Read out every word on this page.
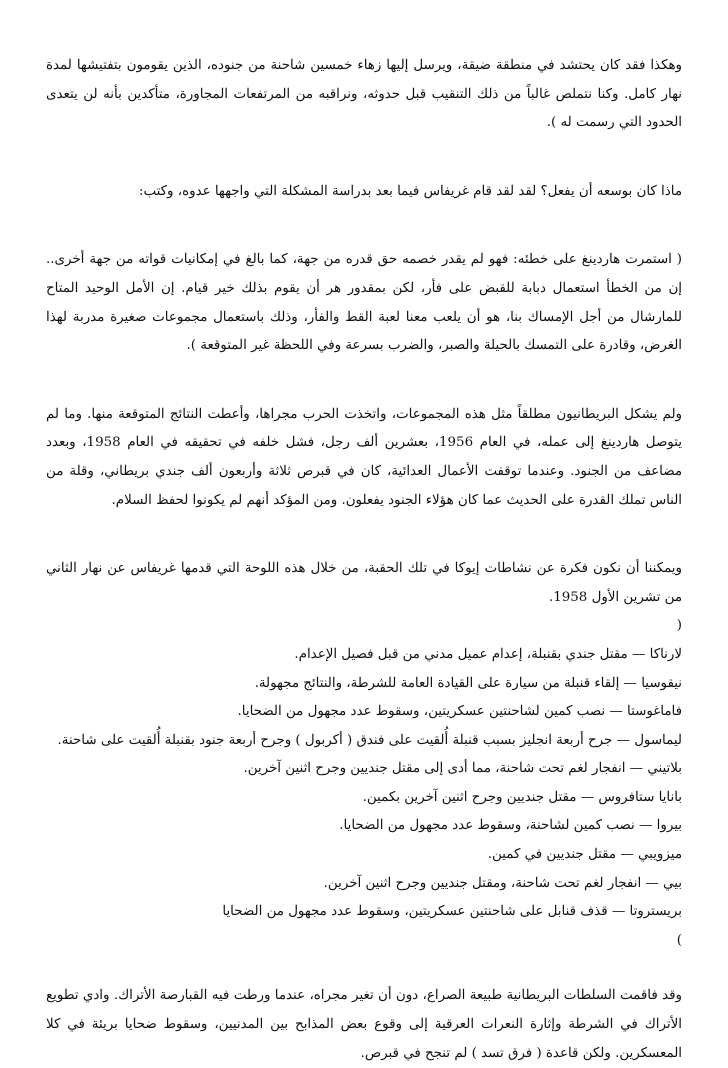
وهكذا فقد كان يحتشد في منطقة ضيقة، ويرسل إليها زهاء خمسين شاحنة من جنوده، الذين يقومون بتفتيشها لمدة نهار كامل. وكنا نتملص غالباً من ذلك التنقيب قبل حدوثه، ونراقبه من المرتفعات المجاورة، متأكدين بأنه لن يتعدى الحدود التي رسمت له ).

ماذا كان بوسعه أن يفعل؟ لقد لقد قام غريفاس فيما بعد بدراسة المشكلة التي واجهها عدوه، وكتب:

( استمرت هاردينغ على خطئه: فهو لم يقدر خصمه حق قدره من جهة، كما بالغ في إمكانيات قواته من جهة أخرى.. إن من الخطأ استعمال دبابة للقبض على فأر، لكن بمقدور هر أن يقوم بذلك خير قيام. إن الأمل الوحيد المتاح للمارشال من أجل الإمساك بنا، هو أن يلعب معنا لعبة القط والفأر، وذلك باستعمال مجموعات صغيرة مدربة لهذا الغرض، وقادرة على التمسك بالحيلة والصبر، والضرب بسرعة وفي اللحظة غير المتوقعة ).

ولم يشكل البريطانيون مطلقاً مثل هذه المجموعات، واتخذت الحرب مجراها، وأعطت النتائج المتوقعة منها. وما لم يتوصل هاردينغ إلى عمله، في العام 1956، بعشرين ألف رجل، فشل خلفه في تحقيقه في العام 1958، وبعدد مضاعف من الجنود. وعندما توقفت الأعمال العدائية، كان في قبرص ثلاثة وأربعون ألف جندي بريطاني، وقلة من الناس تملك القدرة على الحديث عما كان هؤلاء الجنود يفعلون. ومن المؤكد أنهم لم يكونوا لحفظ السلام.

ويمكننا أن نكون فكرة عن نشاطات إيوكا في تلك الحقبة، من خلال هذه اللوحة التي قدمها غريفاس عن نهار الثاني من تشرين الأول 1958.

(

لارناكا — مقتل جندي بقنبلة، إعدام عميل مدني من قبل فصيل الإعدام.
نيقوسيا — إلقاء قنبلة من سيارة على القيادة العامة للشرطة، والنتائج مجهولة.
فاماغوستا — نصب كمين لشاحنتين عسكريتين، وسقوط عدد مجهول من الضحايا.
ليماسول — جرح أربعة انجليز بسبب قنبلة أُلقيت على فندق ( أكربول ) وجرح أربعة جنود بقنبلة أُلقيت على شاحنة.
بلاتيني — انفجار لغم تحت شاحنة، مما أدى إلى مقتل جنديين وجرح اثنين آخرين.
بانايا ستافروس — مقتل جنديين وجرح اثنين آخرين بكمين.
بيروا — نصب كمين لشاحنة، وسقوط عدد مجهول من الضحايا.
ميزويبي — مقتل جنديين في كمين.
بيي — انفجار لغم تحت شاحنة، ومقتل جنديين وجرح اثنين آخرين.
بريستروتا — قذف قنابل على شاحنتين عسكريتين، وسقوط عدد مجهول من الضحايا

)

وقد فاقمت السلطات البريطانية طبيعة الصراع، دون أن تغير مجراه، عندما ورطت فيه القبارصة الأتراك. وادي تطويع الأتراك في الشرطة وإثارة النعرات العرقية إلى وقوع بعض المذابح بين المدنيين، وسقوط ضحايا بريئة في كلا المعسكرين. ولكن قاعدة ( فرق تسد ) لم تنجح في قبرص.
